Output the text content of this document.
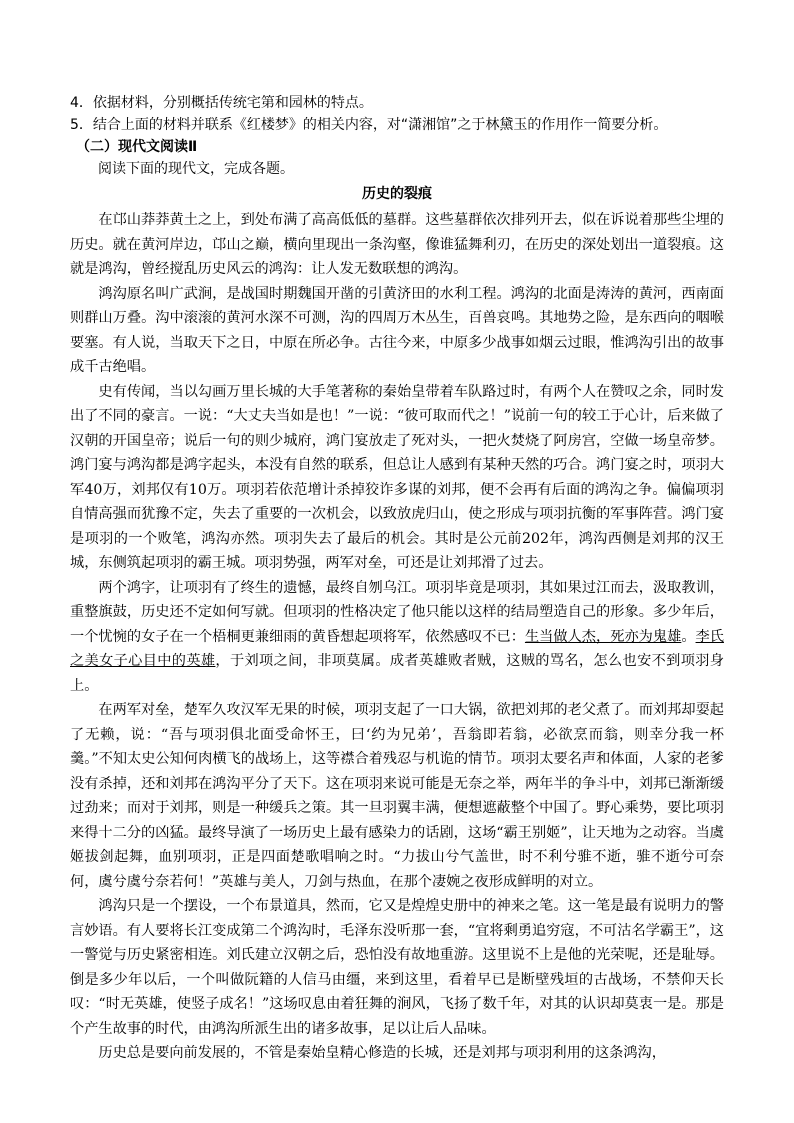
4．依据材料，分别概括传统宅第和园林的特点。

5．结合上面的材料并联系《红楼梦》的相关内容，对“潇湘馆”之于林黛玉的作用作一简要分析。

（二）现代文阅读Ⅱ

阅读下面的现代文，完成各题。

历史的裂痕

在邙山莽莽黄土之上，到处布满了高高低低的墓群。这些墓群依次排列开去，似在诉说着那些尘埋的历史。就在黄河岸边，邙山之巅，横向里现出一条沟壑，像谁猛舞利刃，在历史的深处划出一道裂痕。这就是鸿沟，曾经搅乱历史风云的鸿沟：让人发无数联想的鸿沟。

鸿沟原名叫广武涧，是战国时期魏国开凿的引黄济田的水利工程。鸿沟的北面是涛涛的黄河，西南面则群山万叠。沟中滚滚的黄河水深不可测，沟的四周万木丛生，百兽哀鸣。其地势之险，是东西向的咽喉要塞。有人说，当取天下之日，中原在所必争。古往今来，中原多少战事如烟云过眼，惟鸿沟引出的故事成千古绝唱。

史有传闻，当以勾画万里长城的大手笔著称的秦始皇带着车队路过时，有两个人在赞叹之余，同时发出了不同的豪言。一说：“大丈夫当如是也！”一说：“彼可取而代之！”说前一句的较工于心计，后来做了汉朝的开国皇帝；说后一句的则少城府，鸿门宴放走了死对头，一把火焚烧了阿房宫，空做一场皇帝梦。鸿门宴与鸿沟都是鸿字起头，本没有自然的联系，但总让人感到有某种天然的巧合。鸿门宴之时，项羽大军40万，刘邦仅有10万。项羽若依范增计杀掉狡诈多谋的刘邦，便不会再有后面的鸿沟之争。偏偏项羽自情高强而犹豫不定，失去了重要的一次机会，以致放虎归山，使之形成与项羽抗衡的军事阵营。鸿门宴是项羽的一个败笔，鸿沟亦然。项羽失去了最后的机会。其时是公元前202年，鸿沟西侧是刘邦的汉王城，东侧筑起项羽的霸王城。项羽势强，两军对垒，可还是让刘邦滑了过去。

两个鸿字，让项羽有了终生的遗憾，最终自刎乌江。项羽毕竟是项羽，其如果过江而去，汲取教训，重整旗鼓，历史还不定如何写就。但项羽的性格决定了他只能以这样的结局塑造自己的形象。多少年后，一个忧惋的女子在一个梧桐更兼细雨的黄昏想起项将军，依然感叹不已：生当做人杰，死亦为鬼雄。李氏之美女子心目中的英雄，于刘项之间，非项莫属。成者英雄败者贼，这贼的骂名，怎么也安不到项羽身上。

在两军对垒，楚军久攻汉军无果的时候，项羽支起了一口大锅，欲把刘邦的老父煮了。而刘邦却耍起了无赖，说：“吾与项羽俱北面受命怀王，曰‘约为兄弟’，吾翁即若翁，必欲烹而翁，则幸分我一杯羹。”不知太史公知何肉横飞的战场上，这等襟合着残忍与机诡的情节。项羽太要名声和体面，人家的老爹没有杀掉，还和刘邦在鸿沟平分了天下。这在项羽来说可能是无奈之举，两年半的争斗中，刘邦已渐渐缓过劲来；而对于刘邦，则是一种缓兵之策。其一旦羽翼丰满，便想遮蔽整个中国了。野心乘势，要比项羽来得十二分的凶猛。最终导演了一场历史上最有感染力的话剧，这场“霸王别姬”，让天地为之动容。当虞姬拔剑起舞，血别项羽，正是四面楚歌唱响之时。“力拔山兮气盖世，时不利兮骓不逝，骓不逝兮可奈何，虞兮虞兮奈若何！”英雄与美人，刀剑与热血，在那个凄婉之夜形成鲜明的对立。

鸿沟只是一个摆设，一个布景道具，然而，它又是煌煌史册中的神来之笔。这一笔是最有说明力的警言妙语。有人要将长江变成第二个鸿沟时，毛泽东没听那一套，“宜将剩勇追穷寇，不可沽名学霸王”，这一警觉与历史紧密相连。刘氏建立汉朝之后，恐怕没有故地重游。这里说不上是他的光荣呢，还是耻辱。倒是多少年以后，一个叫做阮籍的人信马由缰，来到这里，看着早已是断壁残垣的古战场，不禁仰天长叹：“时无英雄，使竖子成名！”这场叹息由着狂舞的涧风，飞扬了数千年，对其的认识却莫衷一是。那是个产生故事的时代，由鸿沟所派生出的诸多故事，足以让后人品味。

历史总是要向前发展的，不管是秦始皇精心修造的长城，还是刘邦与项羽利用的这条鸿沟，
